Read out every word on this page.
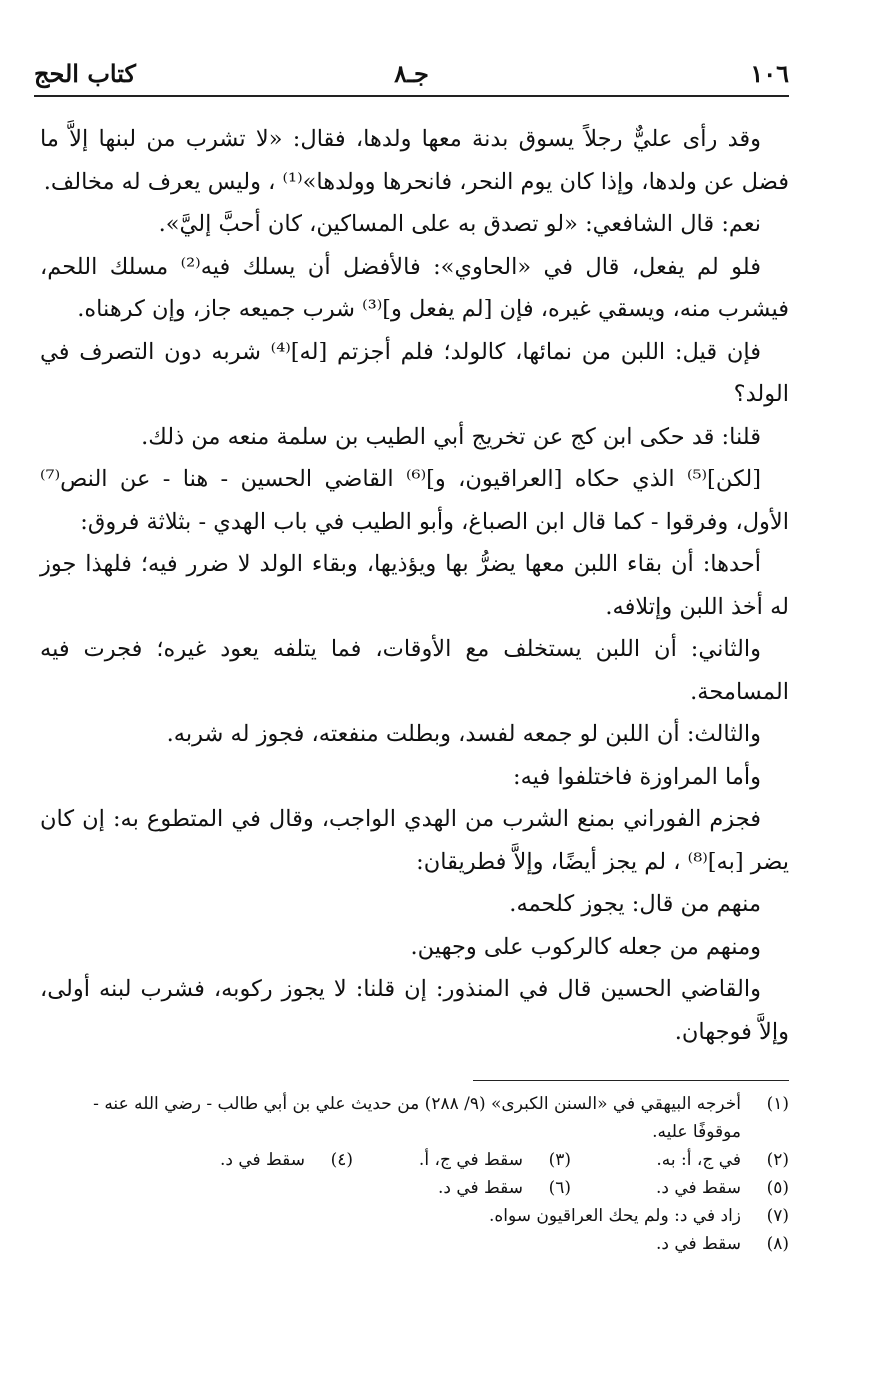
١٠٦
جـ٨
كتاب الحج

وقد رأى عليٌّ رجلاً يسوق بدنة معها ولدها، فقال: «لا تشرب من لبنها إلاَّ ما فضل عن ولدها، وإذا كان يوم النحر، فانحرها وولدها»⁽¹⁾ ، وليس يعرف له مخالف.

نعم: قال الشافعي: «لو تصدق به على المساكين، كان أحبَّ إليَّ».

فلو لم يفعل، قال في «الحاوي»: فالأفضل أن يسلك فيه⁽²⁾ مسلك اللحم، فيشرب منه، ويسقي غيره، فإن [لم يفعل و]⁽³⁾ شرب جميعه جاز، وإن كرهناه.

فإن قيل: اللبن من نمائها، كالولد؛ فلم أجزتم [له]⁽⁴⁾ شربه دون التصرف في الولد؟

قلنا: قد حكى ابن كج عن تخريج أبي الطيب بن سلمة منعه من ذلك.

[لكن]⁽⁵⁾ الذي حكاه [العراقيون، و]⁽⁶⁾ القاضي الحسين - هنا - عن النص⁽⁷⁾ الأول، وفرقوا - كما قال ابن الصباغ، وأبو الطيب في باب الهدي - بثلاثة فروق:

أحدها: أن بقاء اللبن معها يضرُّ بها ويؤذيها، وبقاء الولد لا ضرر فيه؛ فلهذا جوز له أخذ اللبن وإتلافه.

والثاني: أن اللبن يستخلف مع الأوقات، فما يتلفه يعود غيره؛ فجرت فيه المسامحة.

والثالث: أن اللبن لو جمعه لفسد، وبطلت منفعته، فجوز له شربه.

وأما المراوزة فاختلفوا فيه:

فجزم الفوراني بمنع الشرب من الهدي الواجب، وقال في المتطوع به: إن كان يضر [به]⁽⁸⁾ ، لم يجز أيضًا، وإلاَّ فطريقان:

منهم من قال: يجوز كلحمه.

ومنهم من جعله كالركوب على وجهين.

والقاضي الحسين قال في المنذور: إن قلنا: لا يجوز ركوبه، فشرب لبنه أولى، وإلاَّ فوجهان.

(١)
أخرجه البيهقي في «السنن الكبرى» (٩/ ٢٨٨) من حديث علي بن أبي طالب - رضي الله عنه - موقوفًا عليه.
(٢)
في ج، أ: به.
(٣)
سقط في ج، أ.
(٤)
سقط في د.
(٥)
سقط في د.
(٦)
سقط في د.
(٧)
زاد في د: ولم يحك العراقيون سواه.
(٨)
سقط في د.
